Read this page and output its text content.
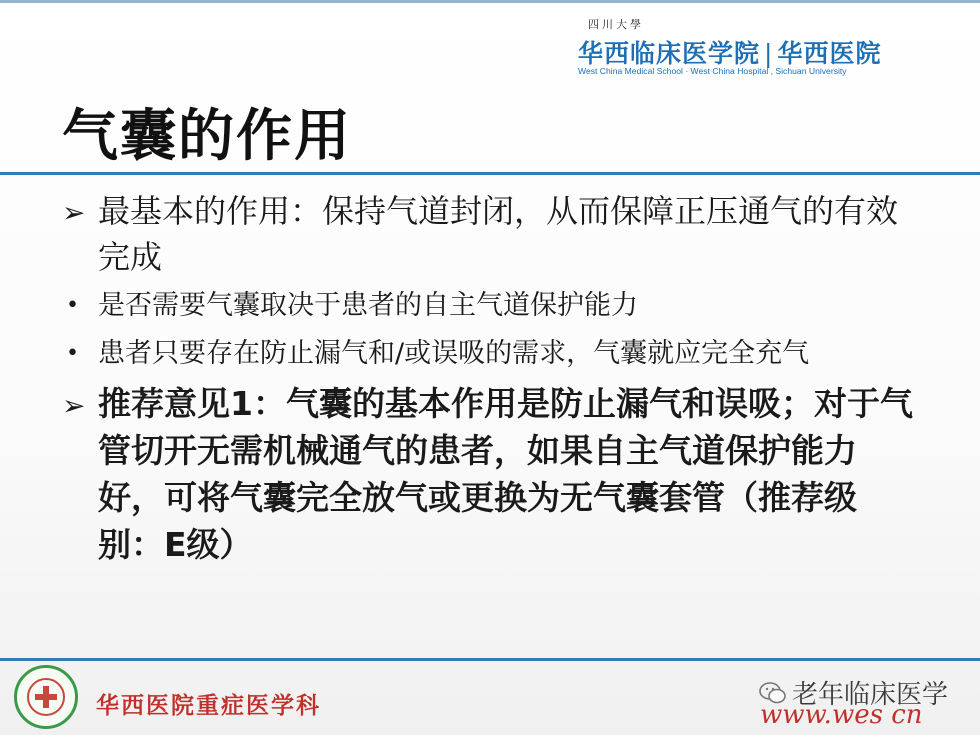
四川大學
华西临床医学院 | 华西医院
West China Medical School · West China Hospital , Sichuan University
气囊的作用
➢ 最基本的作用：保持气道封闭，从而保障正压通气的有效完成
• 是否需要气囊取决于患者的自主气道保护能力
• 患者只要存在防止漏气和/或误吸的需求，气囊就应完全充气
➢ 推荐意见1：气囊的基本作用是防止漏气和误吸；对于气管切开无需机械通气的患者，如果自主气道保护能力好，可将气囊完全放气或更换为无气囊套管（推荐级别：E级）
华西医院重症医学科	老年临床医学
www.wes cn
